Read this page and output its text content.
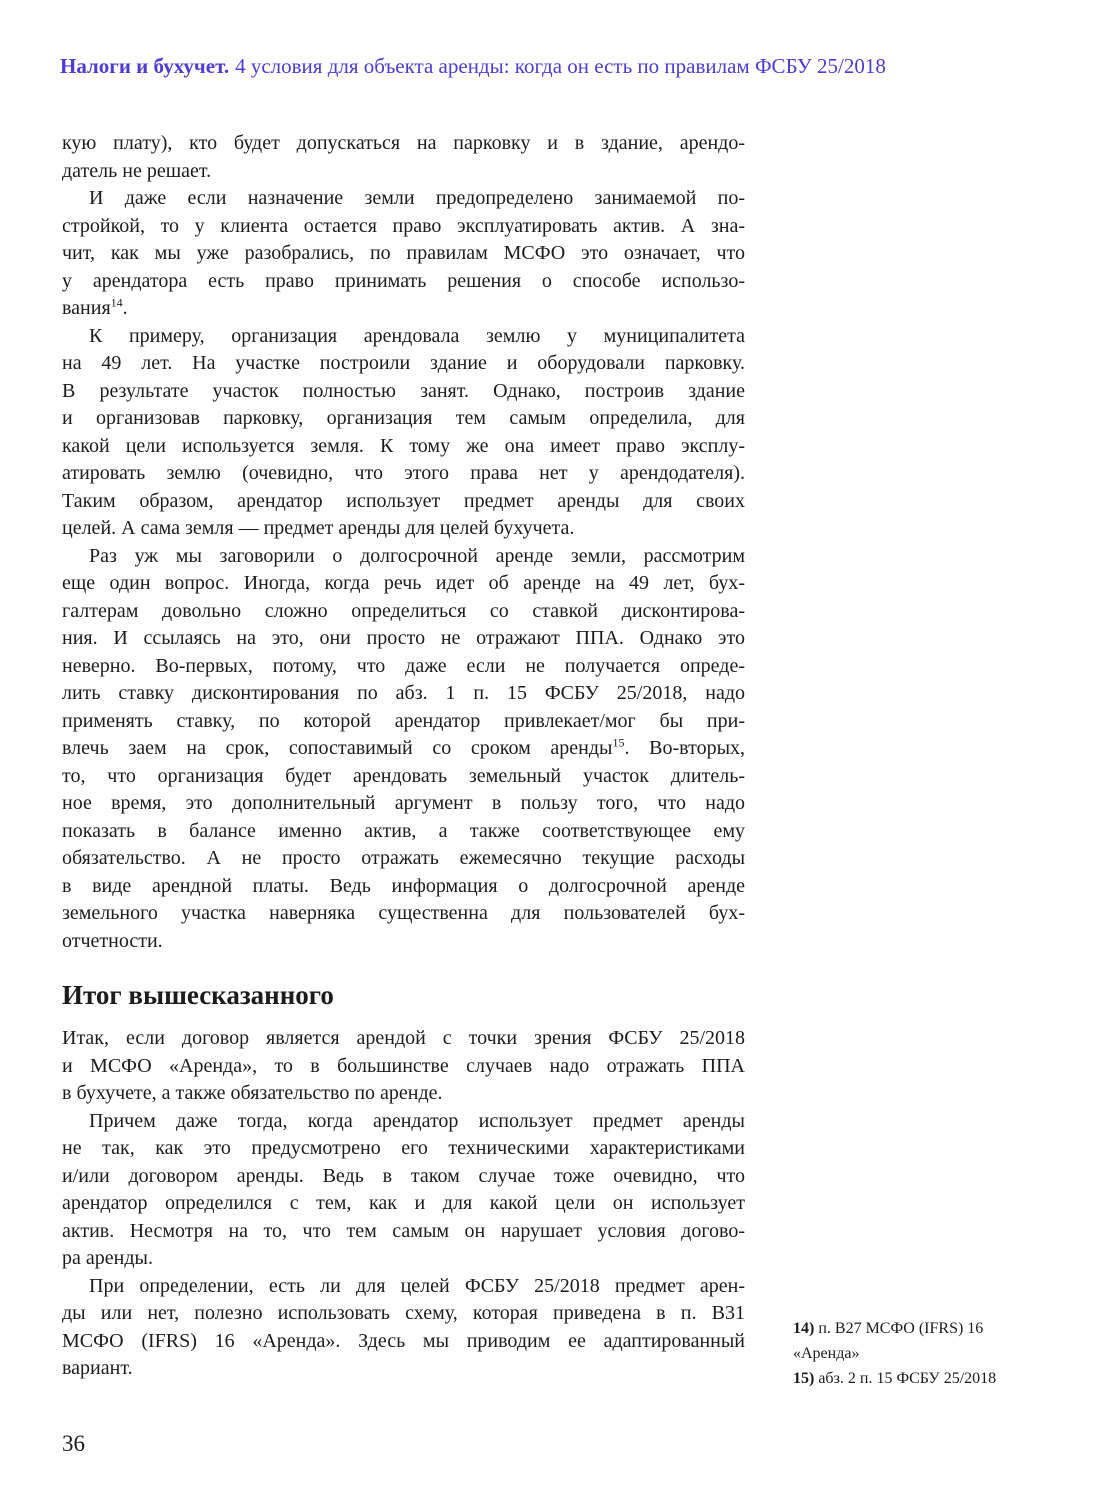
Налоги и бухучет. 4 условия для объекта аренды: когда он есть по правилам ФСБУ 25/2018
кую плату), кто будет допускаться на парковку и в здание, арендо-
датель не решает.
И даже если назначение земли предопределено занимаемой по-
стройкой, то у клиента остается право эксплуатировать актив. А зна-
чит, как мы уже разобрались, по правилам МСФО это означает, что
у арендатора есть право принимать решения о способе использо-
вания$^{14}$.
К примеру, организация арендовала землю у муниципалитета
на 49 лет. На участке построили здание и оборудовали парковку.
В результате участок полностью занят. Однако, построив здание
и организовав парковку, организация тем самым определила, для
какой цели используется земля. К тому же она имеет право эксплу-
атировать землю (очевидно, что этого права нет у арендодателя).
Таким образом, арендатор использует предмет аренды для своих
целей. А сама земля — предмет аренды для целей бухучета.
Раз уж мы заговорили о долгосрочной аренде земли, рассмотрим
еще один вопрос. Иногда, когда речь идет об аренде на 49 лет, бух-
галтерам довольно сложно определиться со ставкой дисконтирова-
ния. И ссылаясь на это, они просто не отражают ППА. Однако это
неверно. Во-первых, потому, что даже если не получается опреде-
лить ставку дисконтирования по абз. 1 п. 15 ФСБУ 25/2018, надо
применять ставку, по которой арендатор привлекает/мог бы при-
влечь заем на срок, сопоставимый со сроком аренды$^{15}$. Во-вторых,
то, что организация будет арендовать земельный участок длитель-
ное время, это дополнительный аргумент в пользу того, что надо
показать в балансе именно актив, а также соответствующее ему
обязательство. А не просто отражать ежемесячно текущие расходы
в виде арендной платы. Ведь информация о долгосрочной аренде
земельного участка наверняка существенна для пользователей бух-
отчетности.
Итог вышесказанного
Итак, если договор является арендой с точки зрения ФСБУ 25/2018
и МСФО «Аренда», то в большинстве случаев надо отражать ППА
в бухучете, а также обязательство по аренде.
Причем даже тогда, когда арендатор использует предмет аренды
не так, как это предусмотрено его техническими характеристиками
и/или договором аренды. Ведь в таком случае тоже очевидно, что
арендатор определился с тем, как и для какой цели он использует
актив. Несмотря на то, что тем самым он нарушает условия догово-
ра аренды.
При определении, есть ли для целей ФСБУ 25/2018 предмет арен-
ды или нет, полезно использовать схему, которая приведена в п. B31
МСФО (IFRS) 16 «Аренда». Здесь мы приводим ее адаптированный
вариант.
14) п. B27 МСФО (IFRS) 16 «Аренда»
15) абз. 2 п. 15 ФСБУ 25/2018
36
